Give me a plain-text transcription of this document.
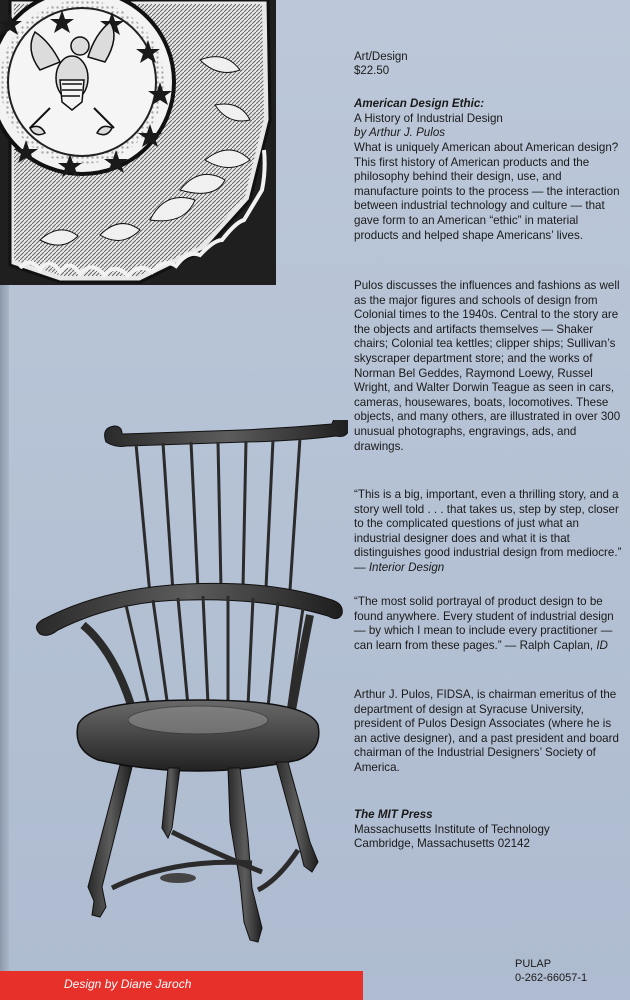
Art/Design

$22.50

American Design Ethic:

A History of Industrial Design

by Arthur J. Pulos

What is uniquely American about American design? This first history of American products and the philosophy behind their design, use, and manufacture points to the process — the interaction between industrial technology and culture — that gave form to an American “ethic” in material products and helped shape Americans’ lives.

Pulos discusses the influences and fashions as well as the major figures and schools of design from Colonial times to the 1940s. Central to the story are the objects and artifacts themselves — Shaker chairs; Colonial tea kettles; clipper ships; Sullivan’s skyscraper department store; and the works of Norman Bel Geddes, Raymond Loewy, Russel Wright, and Walter Dorwin Teague as seen in cars, cameras, housewares, boats, locomotives. These objects, and many others, are illustrated in over 300 unusual photographs, engravings, ads, and drawings.

“This is a big, important, even a thrilling story, and a story well told . . . that takes us, step by step, closer to the complicated questions of just what an industrial designer does and what it is that distinguishes good industrial design from mediocre.” — Interior Design

“The most solid portrayal of product design to be found anywhere. Every student of industrial design — by which I mean to include every practitioner — can learn from these pages.” — Ralph Caplan, ID

Arthur J. Pulos, FIDSA, is chairman emeritus of the department of design at Syracuse University, president of Pulos Design Associates (where he is an active designer), and a past president and board chairman of the Industrial Designers’ Society of America.

The MIT Press

Massachusetts Institute of Technology

Cambridge, Massachusetts 02142

PULAP
0-262-66057-1
Design by Diane Jaroch
